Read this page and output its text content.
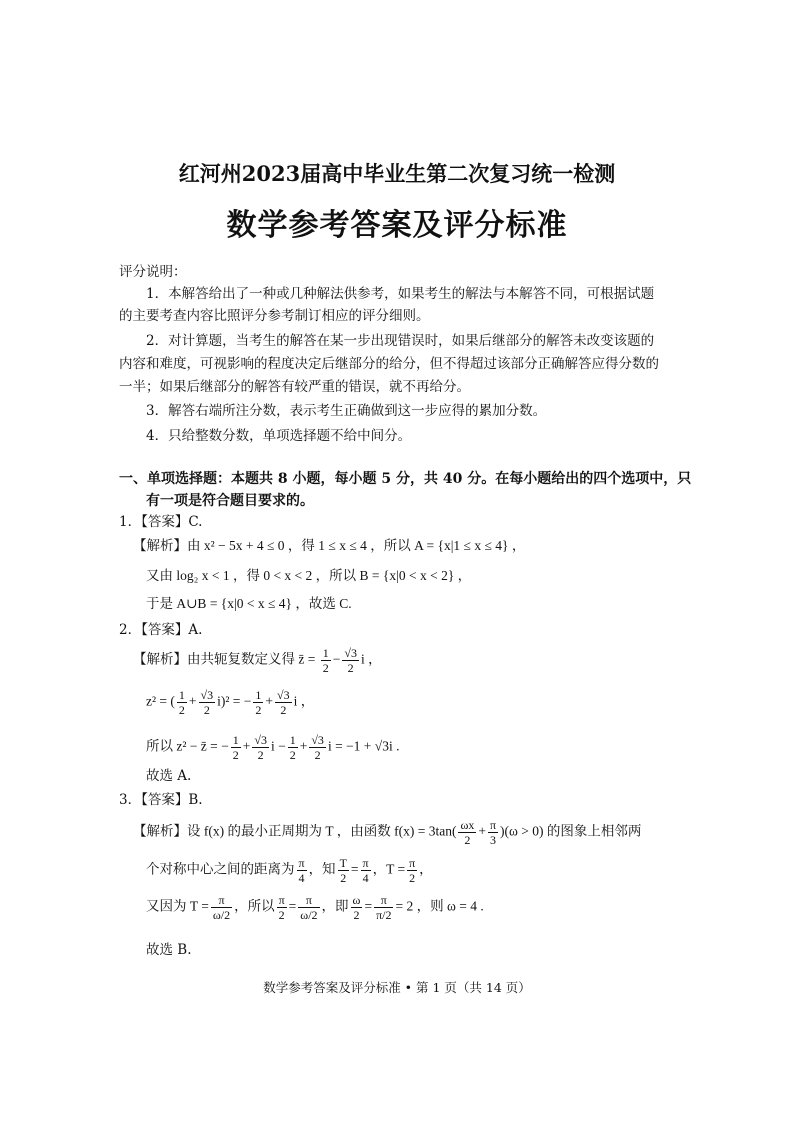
红河州2023届高中毕业生第二次复习统一检测
数学参考答案及评分标准
评分说明：
1．本解答给出了一种或几种解法供参考，如果考生的解法与本解答不同，可根据试题
的主要考查内容比照评分参考制订相应的评分细则。
2．对计算题，当考生的解答在某一步出现错误时，如果后继部分的解答未改变该题的
内容和难度，可视影响的程度决定后继部分的给分，但不得超过该部分正确解答应得分数的
一半；如果后继部分的解答有较严重的错误，就不再给分。
3．解答右端所注分数，表示考生正确做到这一步应得的累加分数。
4．只给整数分数，单项选择题不给中间分。
一、单项选择题：本题共 8 小题，每小题 5 分，共 40 分。在每小题给出的四个选项中，只
有一项是符合题目要求的。
1．【答案】C.
【解析】由 x² − 5x + 4 ≤ 0 ，得 1 ≤ x ≤ 4 ，所以 A = {x|1 ≤ x ≤ 4} ，
又由 log₂ x < 1 ，得 0 < x < 2 ，所以 B = {x|0 < x < 2} ，
于是 A∪B = {x|0 < x ≤ 4} ，故选 C.
2．【答案】A.
【解析】由共轭复数定义得 z̄ = $\frac{1}{2} - \frac{√3}{2}$ i ，
z² = ( $\frac{1}{2} + \frac{√3}{2} i)^2$ = − $\frac{1}{2} + \frac{√3}{2}$ i ，
所以 z² − z̄ = − $\frac{1}{2} + \frac{√3}{2}$ $i - \frac{1}{2} + \frac{√3}{2}$ i = −1 + √3i .
故选 A.
3．【答案】B.
【解析】设 f(x) 的最小正周期为 T ，由函数 $f(x) = 3\tan( \frac{\omega x}{2} + \frac{\pi}{3} )(\omega > 0)$ 的图象上相邻两
个对称中心之间的距离为 $\frac{\pi}{4}$ ，知 $\frac{T}{2} = \frac{\pi}{4}$ ，$T = \frac{\pi}{2}$ ，
又因为 $T = \frac{\pi}{\omega/2}$ ，所以 $\frac{\pi}{2} = \frac{\pi}{\omega/2}$ ，即 $\frac{\omega}{2} = \frac{\pi}{\pi/2} = 2$ ，则 ω = 4 .
故选 B.
数学参考答案及评分标准 • 第 1 页（共 14 页）
